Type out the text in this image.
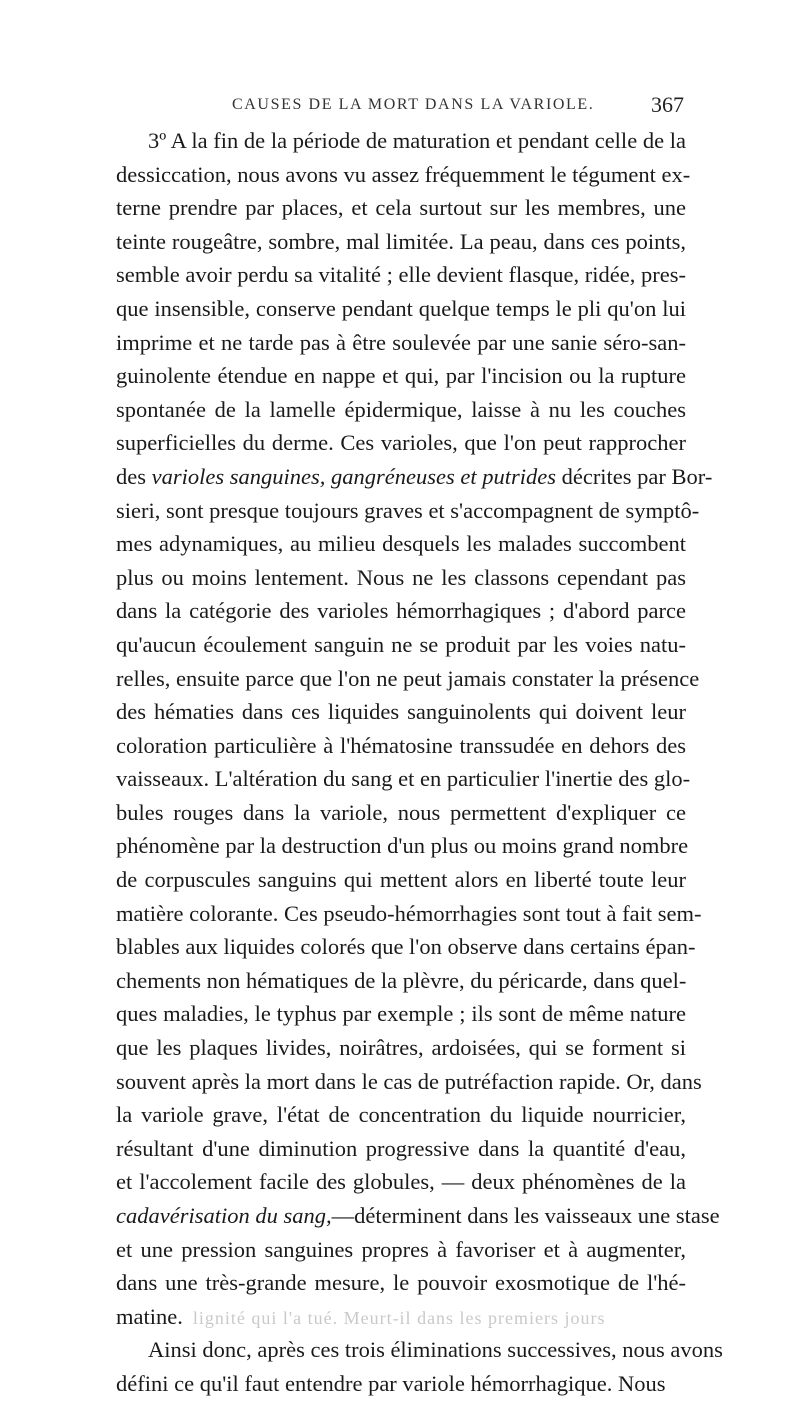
CAUSES DE LA MORT DANS LA VARIOLE.	367
3º A la fin de la période de maturation et pendant celle de la
dessiccation, nous avons vu assez fréquemment le tégument ex-
terne prendre par places, et cela surtout sur les membres, une
teinte rougeâtre, sombre, mal limitée. La peau, dans ces points,
semble avoir perdu sa vitalité ; elle devient flasque, ridée, pres-
que insensible, conserve pendant quelque temps le pli qu'on lui
imprime et ne tarde pas à être soulevée par une sanie séro-san-
guinolente étendue en nappe et qui, par l'incision ou la rupture
spontanée de la lamelle épidermique, laisse à nu les couches
superficielles du derme. Ces varioles, que l'on peut rapprocher
des varioles sanguines, gangréneuses et putrides décrites par Bor-
sieri, sont presque toujours graves et s'accompagnent de symptô-
mes adynamiques, au milieu desquels les malades succombent
plus ou moins lentement. Nous ne les classons cependant pas
dans la catégorie des varioles hémorrhagiques ; d'abord parce
qu'aucun écoulement sanguin ne se produit par les voies natu-
relles, ensuite parce que l'on ne peut jamais constater la présence
des hématies dans ces liquides sanguinolents qui doivent leur
coloration particulière à l'hématosine transsudée en dehors des
vaisseaux. L'altération du sang et en particulier l'inertie des glo-
bules rouges dans la variole, nous permettent d'expliquer ce
phénomène par la destruction d'un plus ou moins grand nombre
de corpuscules sanguins qui mettent alors en liberté toute leur
matière colorante. Ces pseudo-hémorrhagies sont tout à fait sem-
blables aux liquides colorés que l'on observe dans certains épan-
chements non hématiques de la plèvre, du péricarde, dans quel-
ques maladies, le typhus par exemple ; ils sont de même nature
que les plaques livides, noirâtres, ardoisées, qui se forment si
souvent après la mort dans le cas de putréfaction rapide. Or, dans
la variole grave, l'état de concentration du liquide nourricier,
résultant d'une diminution progressive dans la quantité d'eau,
et l'accolement facile des globules, — deux phénomènes de la
cadavérisation du sang,—déterminent dans les vaisseaux une stase
et une pression sanguines propres à favoriser et à augmenter,
dans une très-grande mesure, le pouvoir exosmotique de l'hé-
matine. lignité qui l'a tué. Meurt-il dans les premiers jours
Ainsi donc, après ces trois éliminations successives, nous avons
défini ce qu'il faut entendre par variole hémorrhagique. Nous
